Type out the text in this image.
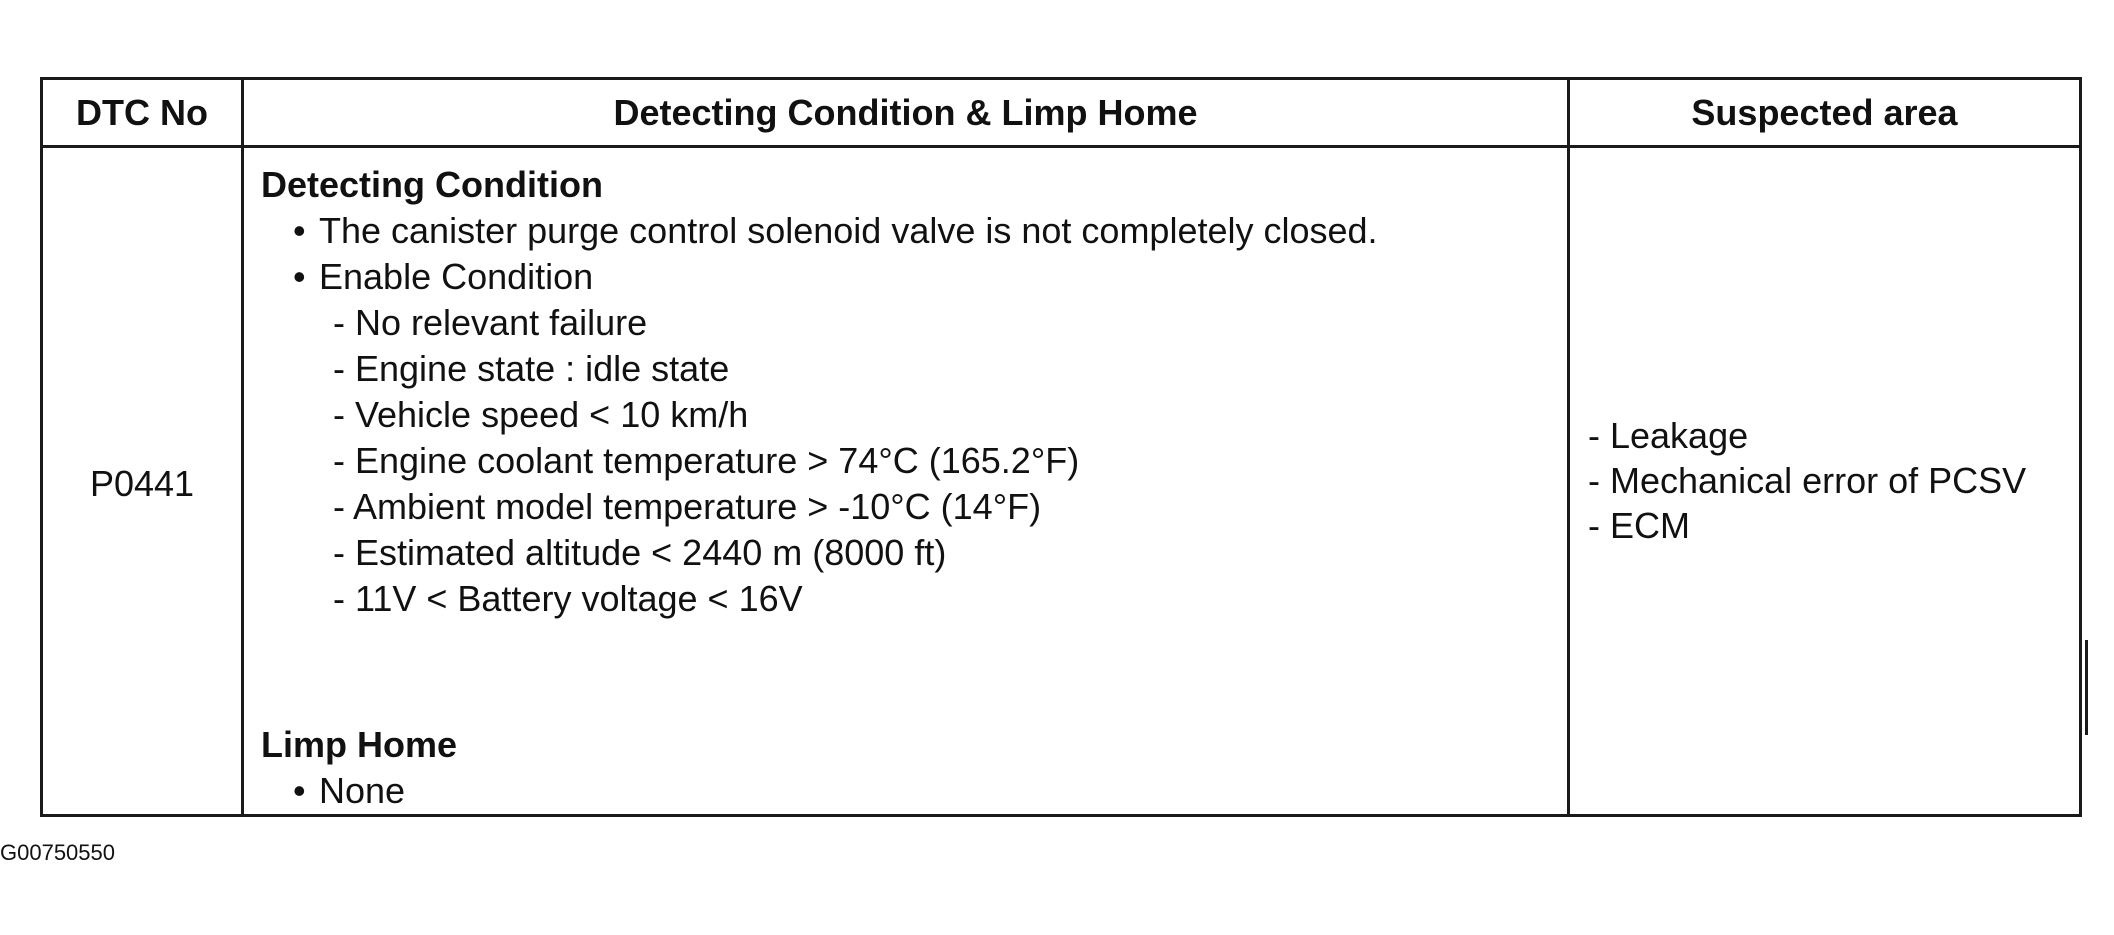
DTC No	Detecting Condition & Limp Home	Suspected area
P0441
Detecting Condition
• The canister purge control solenoid valve is not completely closed.
• Enable Condition
- No relevant failure
- Engine state : idle state
- Vehicle speed < 10 km/h
- Engine coolant temperature > 74°C (165.2°F)
- Ambient model temperature > -10°C (14°F)
- Estimated altitude < 2440 m (8000 ft)
- 11V < Battery voltage < 16V
Limp Home
• None
- Leakage
- Mechanical error of PCSV
- ECM
G00750550
